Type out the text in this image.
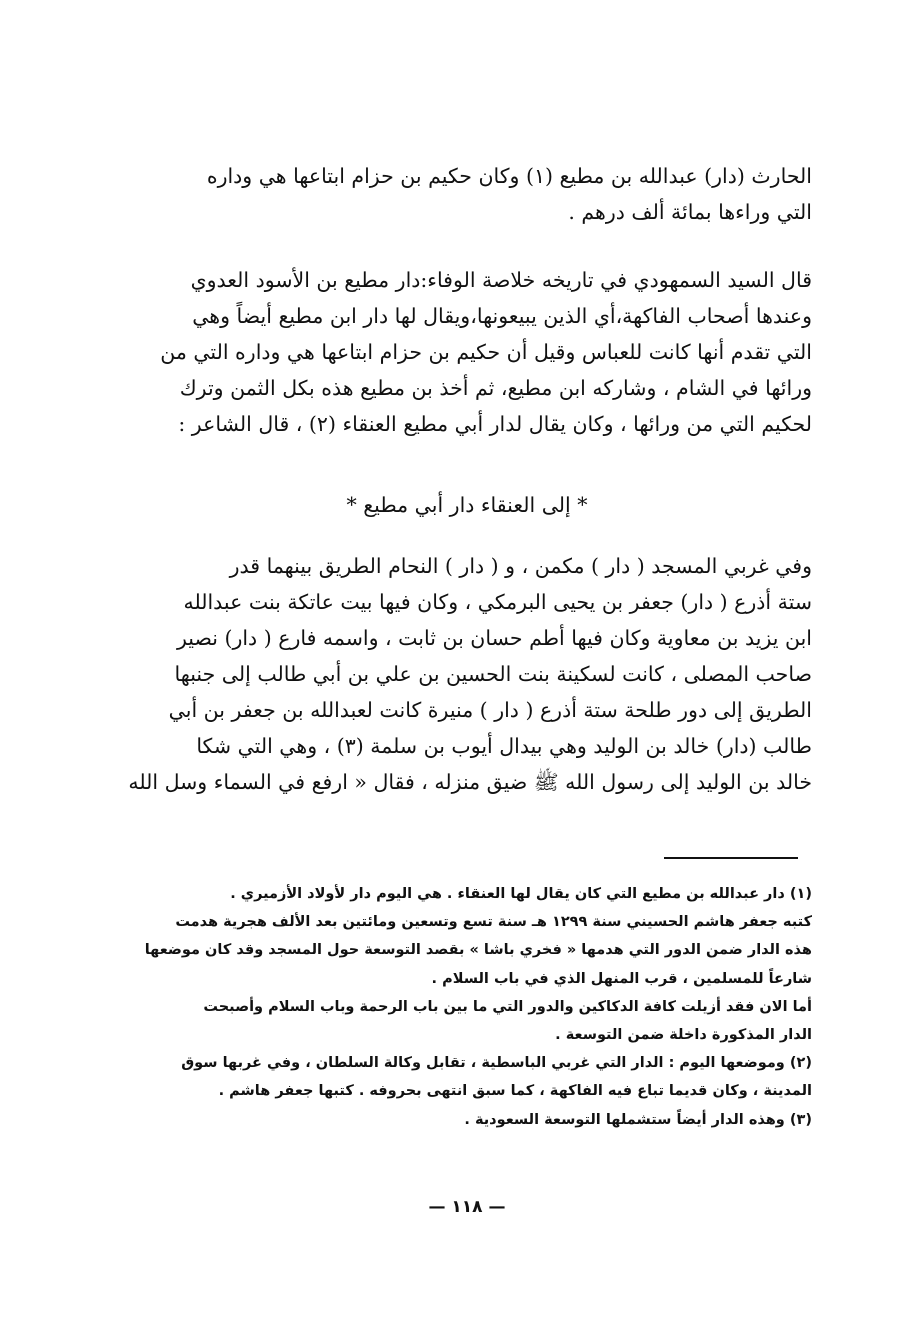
الحارث (دار) عبدالله بن مطيع (١) وكان حكيم بن حزام ابتاعها هي وداره
التي وراءها بمائة ألف درهم .
قال السيد السمهودي في تاريخه خلاصة الوفاء:دار مطيع بن الأسود العدوي
وعندها أصحاب الفاكهة،أي الذين يبيعونها،ويقال لها دار ابن مطيع أيضاً وهي
التي تقدم أنها كانت للعباس وقيل أن حكيم بن حزام ابتاعها هي وداره التي من
ورائها في الشام ، وشاركه ابن مطيع، ثم أخذ بن مطيع هذه بكل الثمن وترك
لحكيم التي من ورائها ، وكان يقال لدار أبي مطيع العنقاء (٢) ، قال الشاعر :
* إلى العنقاء دار أبي مطيع *
وفي غربي المسجد ( دار ) مكمن ، و ( دار ) النحام الطريق بينهما قدر
ستة أذرع ( دار) جعفر بن يحيى البرمكي ، وكان فيها بيت عاتكة بنت عبدالله
ابن يزيد بن معاوية وكان فيها أطم حسان بن ثابت ، واسمه فارع ( دار) نصير
صاحب المصلى ، كانت لسكينة بنت الحسين بن علي بن أبي طالب إلى جنبها
الطريق إلى دور طلحة ستة أذرع ( دار ) منيرة كانت لعبدالله بن جعفر بن أبي
طالب (دار) خالد بن الوليد وهي بيدال أيوب بن سلمة (٣) ، وهي التي شكا
خالد بن الوليد إلى رسول الله ﷺ ضيق منزله ، فقال « ارفع في السماء وسل الله
(١) دار عبدالله بن مطيع التي كان يقال لها العنقاء . هي اليوم دار لأولاد الأزميري .
كتبه جعفر هاشم الحسيني سنة ١٢٩٩ هـ سنة تسع وتسعين ومائتين بعد الألف هجرية هدمت
هذه الدار ضمن الدور التي هدمها « فخري باشا » بقصد التوسعة حول المسجد وقد كان موضعها
شارعاً للمسلمين ، قرب المنهل الذي في باب السلام .
أما الان فقد أزيلت كافة الدكاكين والدور التي ما بين باب الرحمة وباب السلام وأصبحت
الدار المذكورة داخلة ضمن التوسعة .
(٢) وموضعها اليوم : الدار التي غربي الباسطية ، تقابل وكالة السلطان ، وفي غربها سوق
المدينة ، وكان قديما تباع فيه الفاكهة ، كما سبق انتهى بحروفه . كتبها جعفر هاشم .
(٣) وهذه الدار أيضاً ستشملها التوسعة السعودية .
— ١١٨ —
